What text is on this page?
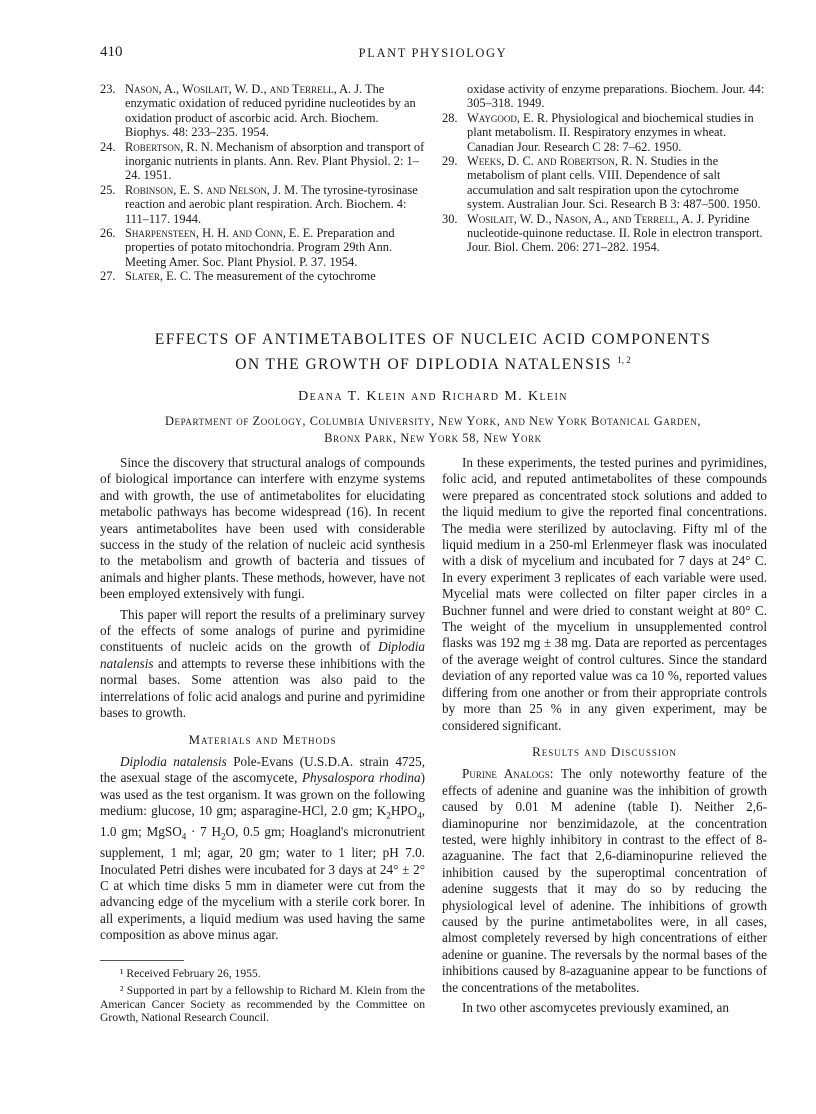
410	PLANT PHYSIOLOGY
23. Nason, A., Wosilait, W. D., and Terrell, A. J. The enzymatic oxidation of reduced pyridine nucleotides by an oxidation product of ascorbic acid. Arch. Biochem. Biophys. 48: 233–235. 1954.
24. Robertson, R. N. Mechanism of absorption and transport of inorganic nutrients in plants. Ann. Rev. Plant Physiol. 2: 1–24. 1951.
25. Robinson, E. S. and Nelson, J. M. The tyrosine-tyrosinase reaction and aerobic plant respiration. Arch. Biochem. 4: 111–117. 1944.
26. Sharpensteen, H. H. and Conn, E. E. Preparation and properties of potato mitochondria. Program 29th Ann. Meeting Amer. Soc. Plant Physiol. P. 37. 1954.
27. Slater, E. C. The measurement of the cytochrome

oxidase activity of enzyme preparations. Biochem. Jour. 44: 305–318. 1949.

28. Waygood, E. R. Physiological and biochemical studies in plant metabolism. II. Respiratory enzymes in wheat. Canadian Jour. Research C 28: 7–62. 1950.
29. Weeks, D. C. and Robertson, R. N. Studies in the metabolism of plant cells. VIII. Dependence of salt accumulation and salt respiration upon the cytochrome system. Australian Jour. Sci. Research B 3: 487–500. 1950.
30. Wosilait, W. D., Nason, A., and Terrell, A. J. Pyridine nucleotide-quinone reductase. II. Role in electron transport. Jour. Biol. Chem. 206: 271–282. 1954.
EFFECTS OF ANTIMETABOLITES OF NUCLEIC ACID COMPONENTS
ON THE GROWTH OF DIPLODIA NATALENSIS $^{1, 2}$

Deana T. Klein and Richard M. Klein

Department of Zoology, Columbia University, New York, and New York Botanical Garden,
Bronx Park, New York 58, New York

Since the discovery that structural analogs of compounds of biological importance can interfere with enzyme systems and with growth, the use of antimetabolites for elucidating metabolic pathways has become widespread (16). In recent years antimetabolites have been used with considerable success in the study of the relation of nucleic acid synthesis to the metabolism and growth of bacteria and tissues of animals and higher plants. These methods, however, have not been employed extensively with fungi.

This paper will report the results of a preliminary survey of the effects of some analogs of purine and pyrimidine constituents of nucleic acids on the growth of Diplodia natalensis and attempts to reverse these inhibitions with the normal bases. Some attention was also paid to the interrelations of folic acid analogs and purine and pyrimidine bases to growth.

Materials and Methods

Diplodia natalensis Pole-Evans (U.S.D.A. strain 4725, the asexual stage of the ascomycete, Physalospora rhodina) was used as the test organism. It was grown on the following medium: glucose, 10 gm; asparagine-HCl, 2.0 gm; $K_2HPO_4$, 1.0 gm; MgSO$_4$ · 7 $H_2O$, 0.5 gm; Hoagland's micronutrient supplement, 1 ml; agar, 20 gm; water to 1 liter; pH 7.0. Inoculated Petri dishes were incubated for 3 days at 24° ± 2° C at which time disks 5 mm in diameter were cut from the advancing edge of the mycelium with a sterile cork borer. In all experiments, a liquid medium was used having the same composition as above minus agar.

¹ Received February 26, 1955.

² Supported in part by a fellowship to Richard M. Klein from the American Cancer Society as recommended by the Committee on Growth, National Research Council.

In these experiments, the tested purines and pyrimidines, folic acid, and reputed antimetabolites of these compounds were prepared as concentrated stock solutions and added to the liquid medium to give the reported final concentrations. The media were sterilized by autoclaving. Fifty ml of the liquid medium in a 250-ml Erlenmeyer flask was inoculated with a disk of mycelium and incubated for 7 days at 24° C. In every experiment 3 replicates of each variable were used. Mycelial mats were collected on filter paper circles in a Buchner funnel and were dried to constant weight at 80° C. The weight of the mycelium in unsupplemented control flasks was 192 mg ± 38 mg. Data are reported as percentages of the average weight of control cultures. Since the standard deviation of any reported value was ca 10 %, reported values differing from one another or from their appropriate controls by more than 25 % in any given experiment, may be considered significant.

Results and Discussion

Purine Analogs: The only noteworthy feature of the effects of adenine and guanine was the inhibition of growth caused by 0.01 M adenine (table I). Neither 2,6-diaminopurine nor benzimidazole, at the concentration tested, were highly inhibitory in contrast to the effect of 8-azaguanine. The fact that 2,6-diaminopurine relieved the inhibition caused by the superoptimal concentration of adenine suggests that it may do so by reducing the physiological level of adenine. The inhibitions of growth caused by the purine antimetabolites were, in all cases, almost completely reversed by high concentrations of either adenine or guanine. The reversals by the normal bases of the inhibitions caused by 8-azaguanine appear to be functions of the concentrations of the metabolites.

In two other ascomycetes previously examined, an
